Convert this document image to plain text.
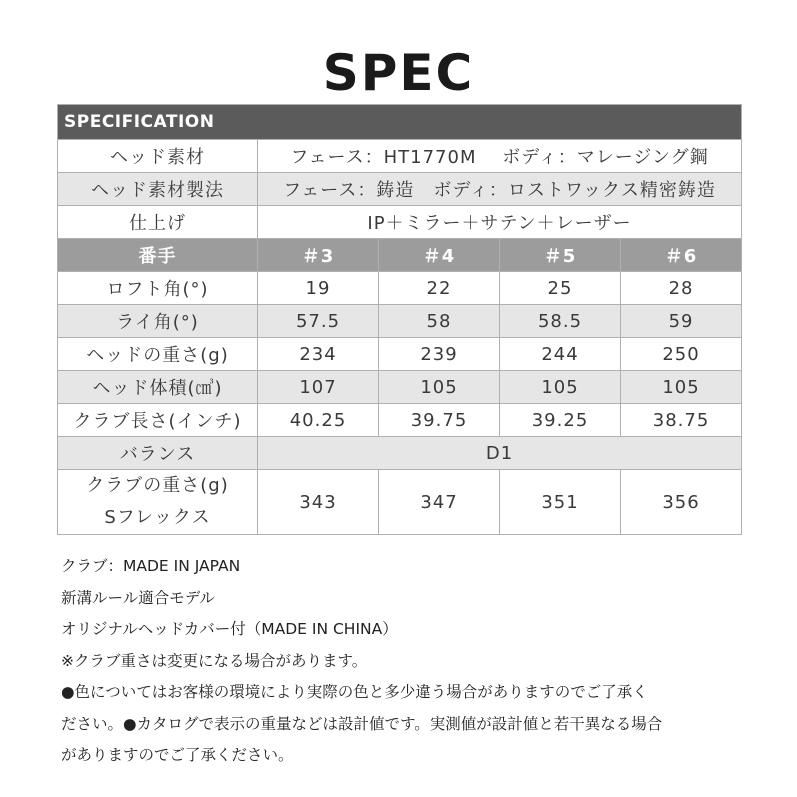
SPEC
SPECIFICATION				
ヘッド素材	フェース：HT1770M　 ボディ：マレージング鋼			
ヘッド素材製法	フェース：鋳造　ボディ：ロストワックス精密鋳造			
仕上げ	IP＋ミラー＋サテン＋レーザー			
番手	＃3	＃4	＃5	＃6
ロフト角(°)	19	22	25	28
ライ角(°)	57.5	58	58.5	59
ヘッドの重さ(g)	234	239	244	250
ヘッド体積(㎤)	107	105	105	105
クラブ長さ(インチ)	40.25	39.75	39.25	38.75
バランス	D1			

クラブの重さ(g)
Sフレックス	343	347	351	356
クラブ：MADE IN JAPAN
新溝ルール適合モデル
オリジナルヘッドカバー付（MADE IN CHINA）
※クラブ重さは変更になる場合があります。
●色についてはお客様の環境により実際の色と多少違う場合がありますのでご了承く
ださい。●カタログで表示の重量などは設計値です。実測値が設計値と若干異なる場合
がありますのでご了承ください。
